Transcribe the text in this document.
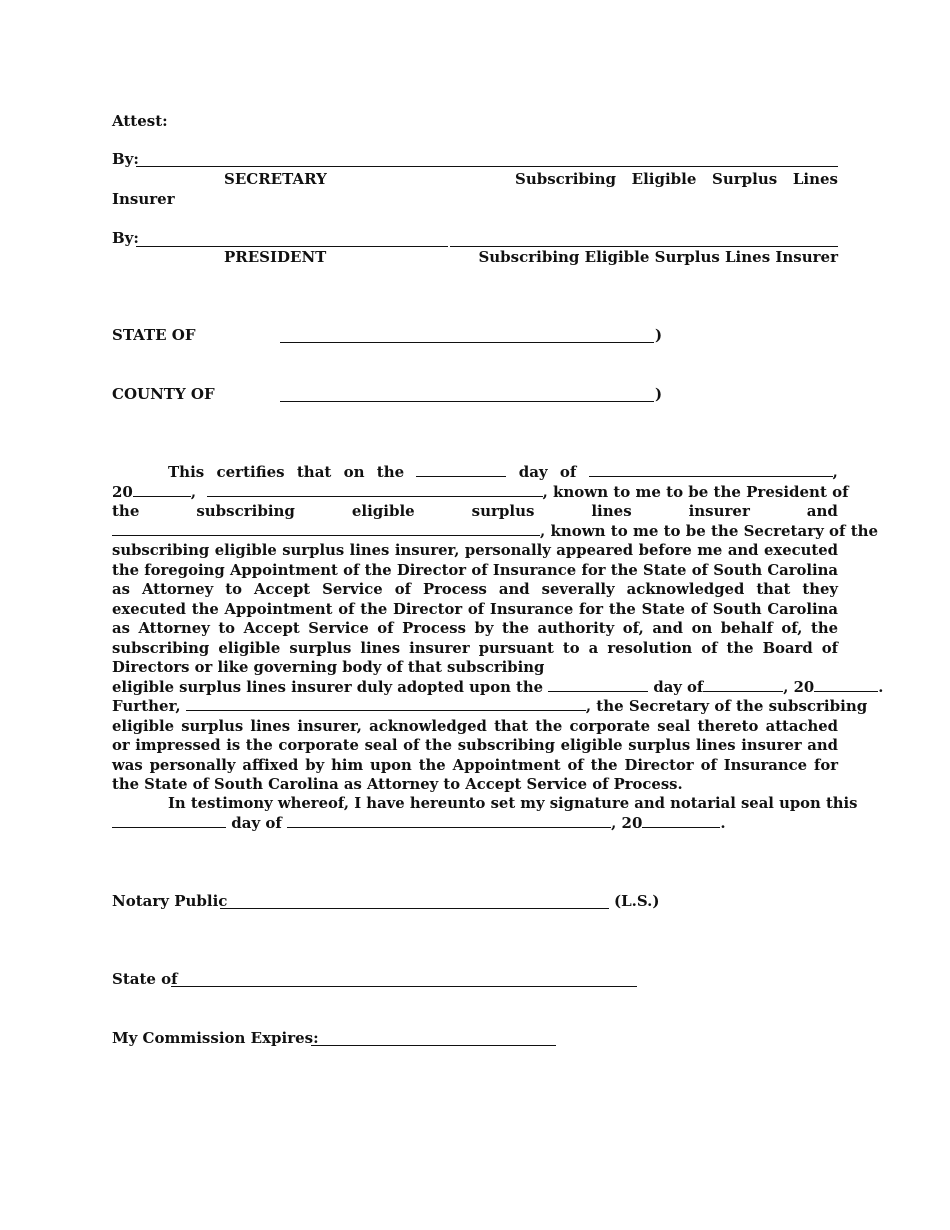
Attest:

By:

SECRETARY	Subscribing Eligible Surplus Lines

Insurer

By:

PRESIDENT	Subscribing Eligible Surplus Lines Insurer

STATE OF	)

COUNTY OF	)

This certifies that on the	day of	,
20	,	, known to me to be the President of
the	subscribing	eligible	surplus	lines	insurer	and
, known to me to be the Secretary of the
subscribing eligible surplus lines insurer, personally appeared before me and executed the foregoing Appointment of the Director of Insurance for the State of South Carolina as Attorney to Accept Service of Process and severally acknowledged that they executed the Appointment of the Director of Insurance for the State of South Carolina as Attorney to Accept Service of Process by the authority of, and on behalf of, the subscribing eligible surplus lines insurer pursuant to a resolution of the Board of Directors or like governing body of that subscribing
eligible surplus lines insurer duly adopted upon the	day of	, 20	.
Further,	, the Secretary of the subscribing
eligible surplus lines insurer, acknowledged that the corporate seal thereto attached or impressed is the corporate seal of the subscribing eligible surplus lines insurer and was personally affixed by him upon the Appointment of the Director of Insurance for the State of South Carolina as Attorney to Accept Service of Process.
In testimony whereof, I have hereunto set my signature and notarial seal upon this
day of	, 20	.

Notary Public	(L.S.)

State of

My Commission Expires:
